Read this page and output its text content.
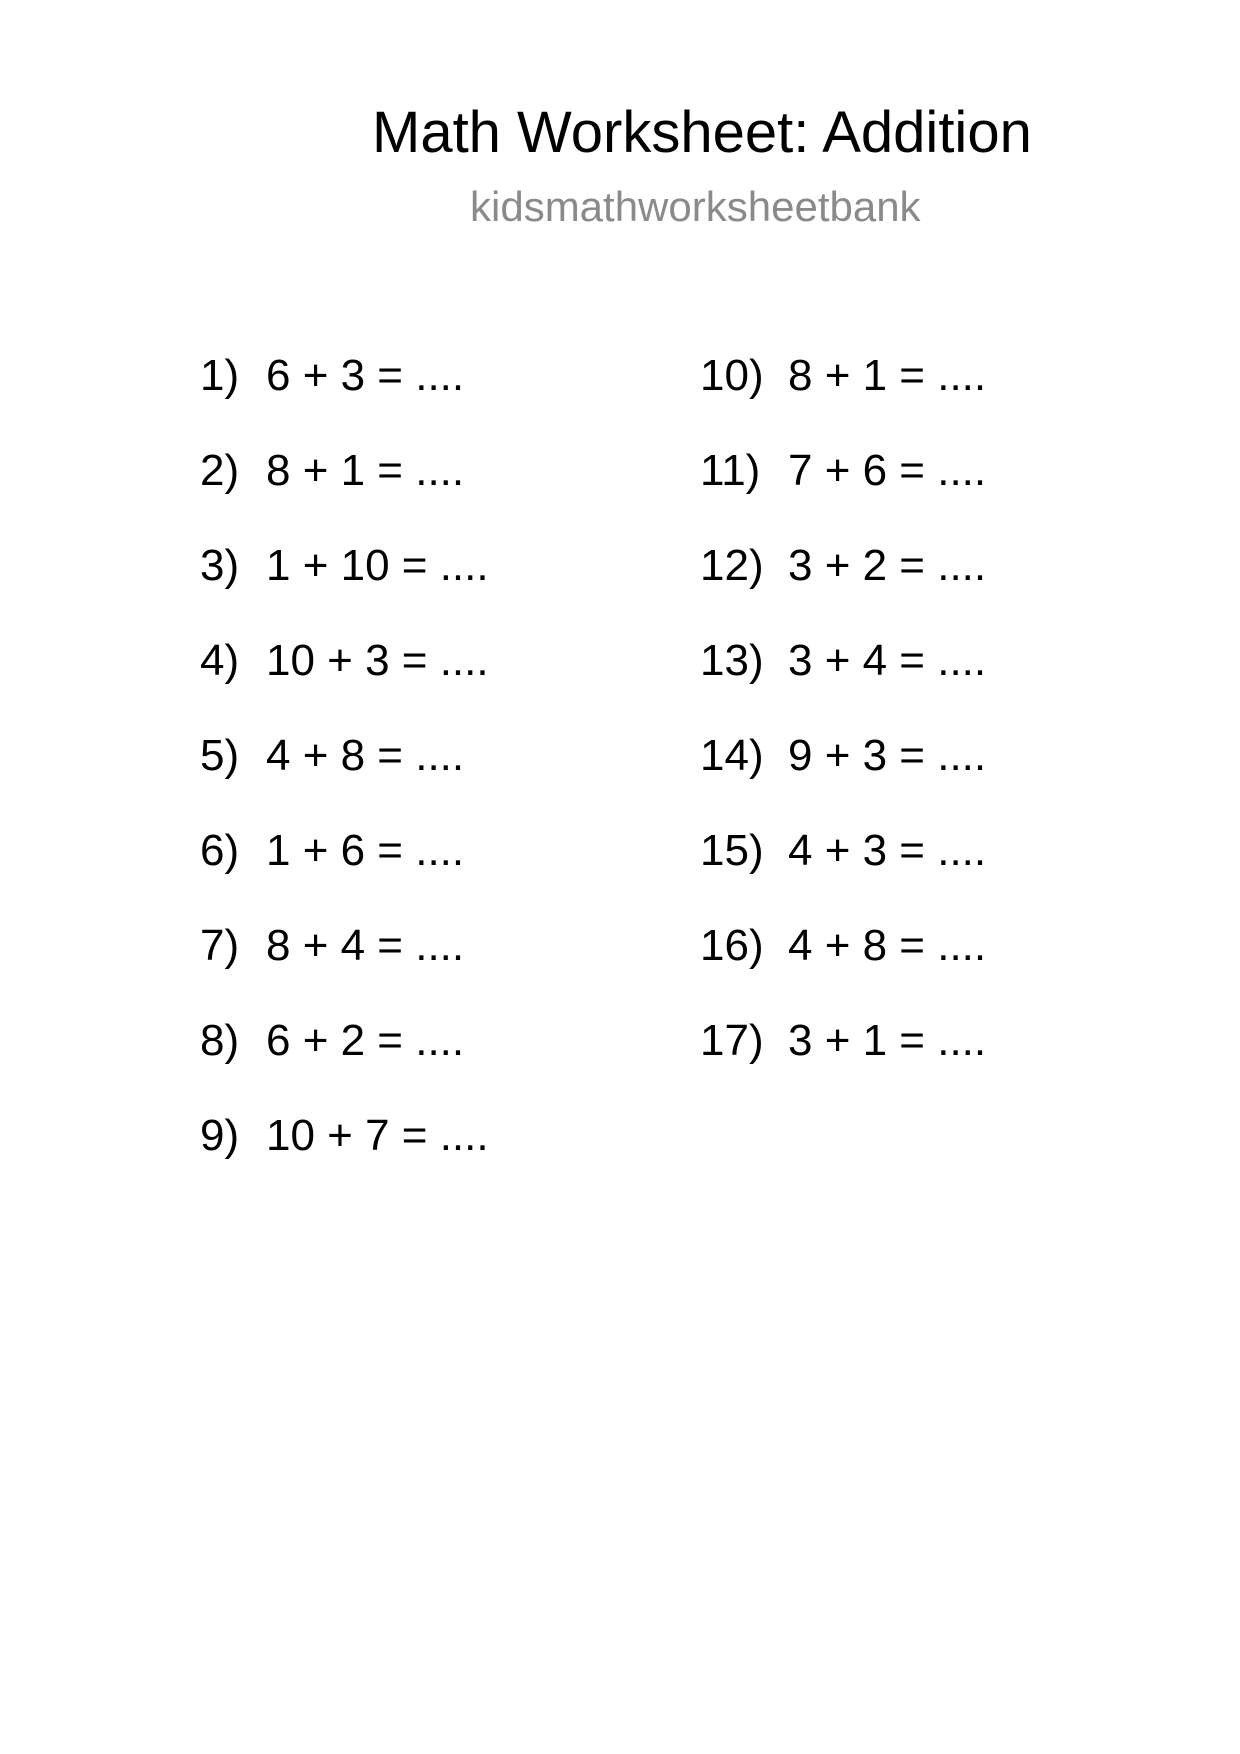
Math Worksheet: Addition
kidsmathworksheetbank
1) 6 + 3 = ....
2) 8 + 1 = ....
3) 1 + 10 = ....
4) 10 + 3 = ....
5) 4 + 8 = ....
6) 1 + 6 = ....
7) 8 + 4 = ....
8) 6 + 2 = ....
9) 10 + 7 = ....
10) 8 + 1 = ....
11) 7 + 6 = ....
12) 3 + 2 = ....
13) 3 + 4 = ....
14) 9 + 3 = ....
15) 4 + 3 = ....
16) 4 + 8 = ....
17) 3 + 1 = ....
